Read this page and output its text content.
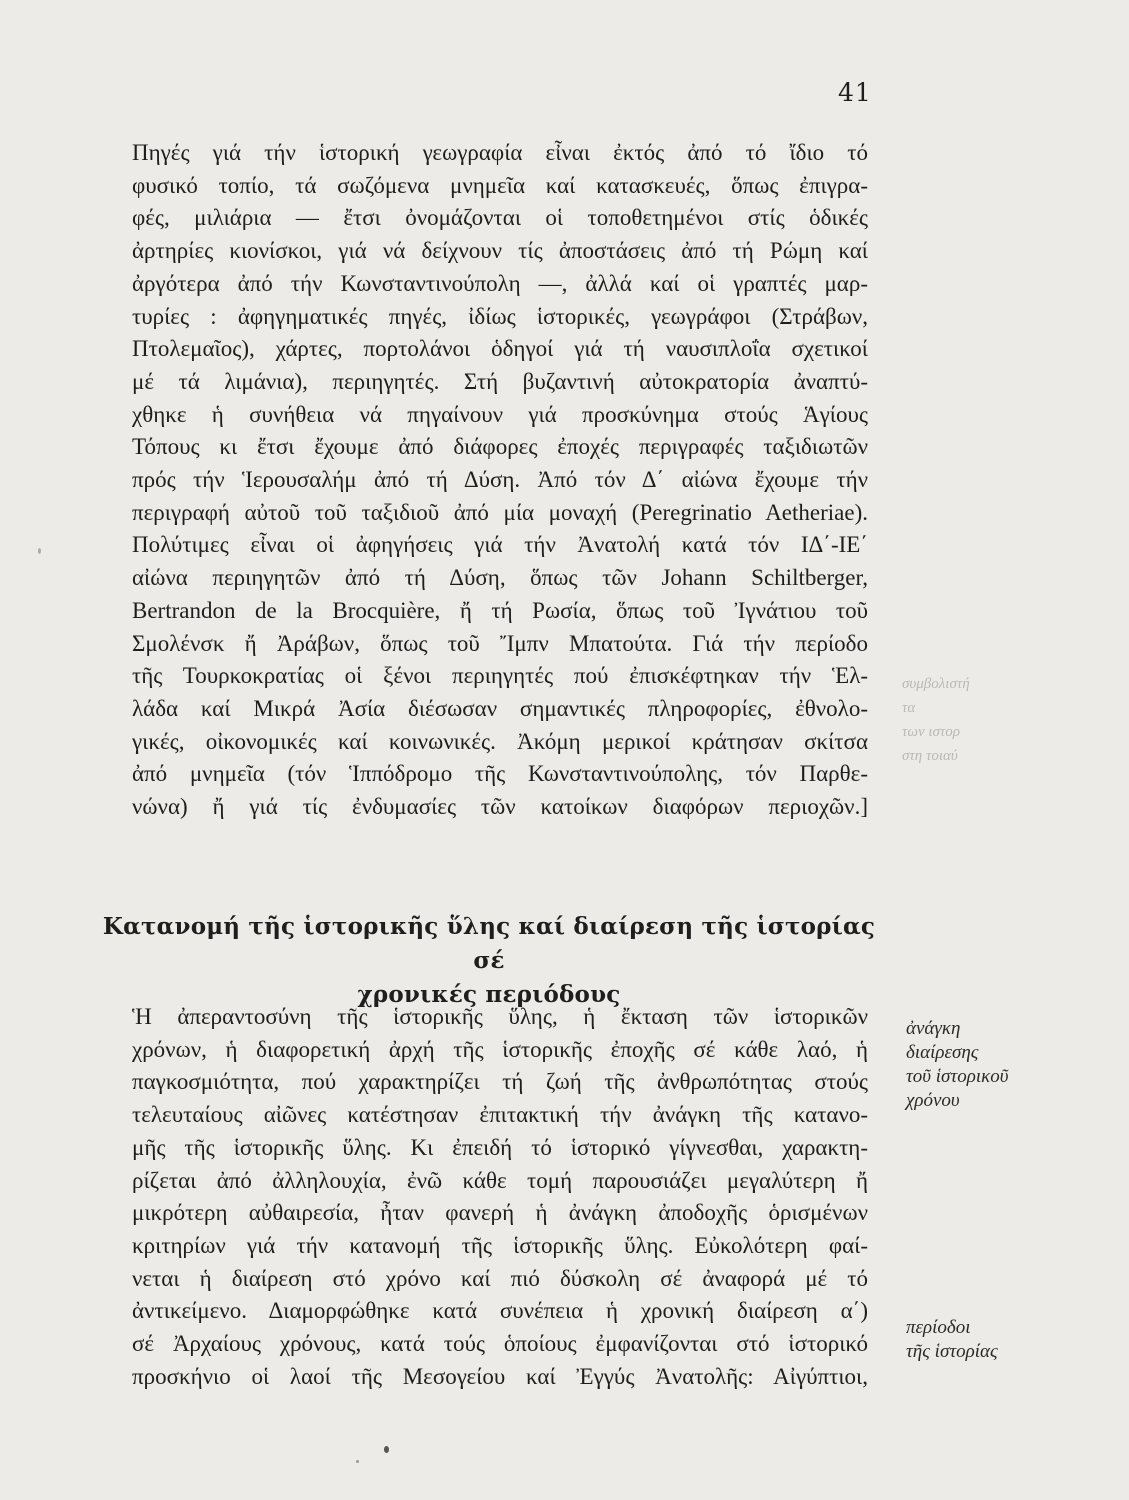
41

Πηγές γιά τήν ἱστορική γεωγραφία εἶναι ἐκτός ἀπό τό ἴδιο τό
φυσικό τοπίο, τά σωζόμενα μνημεῖα καί κατασκευές, ὅπως ἐπιγρα-
φές, μιλιάρια — ἔτσι ὀνομάζονται οἱ τοποθετημένοι στίς ὁδικές
ἀρτηρίες κιονίσκοι, γιά νά δείχνουν τίς ἀποστάσεις ἀπό τή Ρώμη καί
ἀργότερα ἀπό τήν Κωνσταντινούπολη —, ἀλλά καί οἱ γραπτές μαρ-
τυρίες : ἀφηγηματικές πηγές, ἰδίως ἱστορικές, γεωγράφοι (Στράβων,
Πτολεμαῖος), χάρτες, πορτολάνοι ὁδηγοί γιά τή ναυσιπλοΐα σχετικοί
μέ τά λιμάνια), περιηγητές. Στή βυζαντινή αὐτοκρατορία ἀναπτύ-
χθηκε ἡ συνήθεια νά πηγαίνουν γιά προσκύνημα στούς Ἁγίους
Τόπους κι ἔτσι ἔχουμε ἀπό διάφορες ἐποχές περιγραφές ταξιδιωτῶν
πρός τήν Ἱερουσαλήμ ἀπό τή Δύση. Ἀπό τόν Δ΄ αἰώνα ἔχουμε τήν
περιγραφή αὐτοῦ τοῦ ταξιδιοῦ ἀπό μία μοναχή (Peregrinatio Aetheriae).
Πολύτιμες εἶναι οἱ ἀφηγήσεις γιά τήν Ἀνατολή κατά τόν ΙΔ΄-ΙΕ΄
αἰώνα περιηγητῶν ἀπό τή Δύση, ὅπως τῶν Johann Schiltberger,
Bertrandon de la Brocquière, ἤ τή Ρωσία, ὅπως τοῦ Ἰγνάτιου τοῦ
Σμολένσκ ἤ Ἀράβων, ὅπως τοῦ Ἴμπν Μπατούτα. Γιά τήν περίοδο
τῆς Τουρκοκρατίας οἱ ξένοι περιηγητές πού ἐπισκέφτηκαν τήν Ἑλ-
λάδα καί Μικρά Ἀσία διέσωσαν σημαντικές πληροφορίες, ἐθνολο-
γικές, οἰκονομικές καί κοινωνικές. Ἀκόμη μερικοί κράτησαν σκίτσα
ἀπό μνημεῖα (τόν Ἱππόδρομο τῆς Κωνσταντινούπολης, τόν Παρθε-
νώνα) ἤ γιά τίς ἐνδυμασίες τῶν κατοίκων διαφόρων περιοχῶν.]

Κατανομή τῆς ἱστορικῆς ὕλης καί διαίρεση τῆς ἱστορίας σέ
χρονικές περιόδους

Ἡ ἀπεραντοσύνη τῆς ἱστορικῆς ὕλης, ἡ ἔκταση τῶν ἱστορικῶν
χρόνων, ἡ διαφορετική ἀρχή τῆς ἱστορικῆς ἐποχῆς σέ κάθε λαό, ἡ
παγκοσμιότητα, πού χαρακτηρίζει τή ζωή τῆς ἀνθρωπότητας στούς
τελευταίους αἰῶνες κατέστησαν ἐπιτακτική τήν ἀνάγκη τῆς κατανο-
μῆς τῆς ἱστορικῆς ὕλης. Κι ἐπειδή τό ἱστορικό γίγνεσθαι, χαρακτη-
ρίζεται ἀπό ἀλληλουχία, ἐνῶ κάθε τομή παρουσιάζει μεγαλύτερη ἤ
μικρότερη αὐθαιρεσία, ἦταν φανερή ἡ ἀνάγκη ἀποδοχῆς ὁρισμένων
κριτηρίων γιά τήν κατανομή τῆς ἱστορικῆς ὕλης. Εὐκολότερη φαί-
νεται ἡ διαίρεση στό χρόνο καί πιό δύσκολη σέ ἀναφορά μέ τό
ἀντικείμενο. Διαμορφώθηκε κατά συνέπεια ἡ χρονική διαίρεση α΄)
σέ Ἀρχαίους χρόνους, κατά τούς ὁποίους ἐμφανίζονται στό ἱστορικό
προσκήνιο οἱ λαοί τῆς Μεσογείου καί Ἐγγύς Ἀνατολῆς: Αἰγύπτιοι,

ἀνάγκη
διαίρεσης
τοῦ ἱστορικοῦ
χρόνου
περίοδοι
τῆς ἱστορίας
συμβολιστή
τα
των ιστορ
στη τοιαύ
